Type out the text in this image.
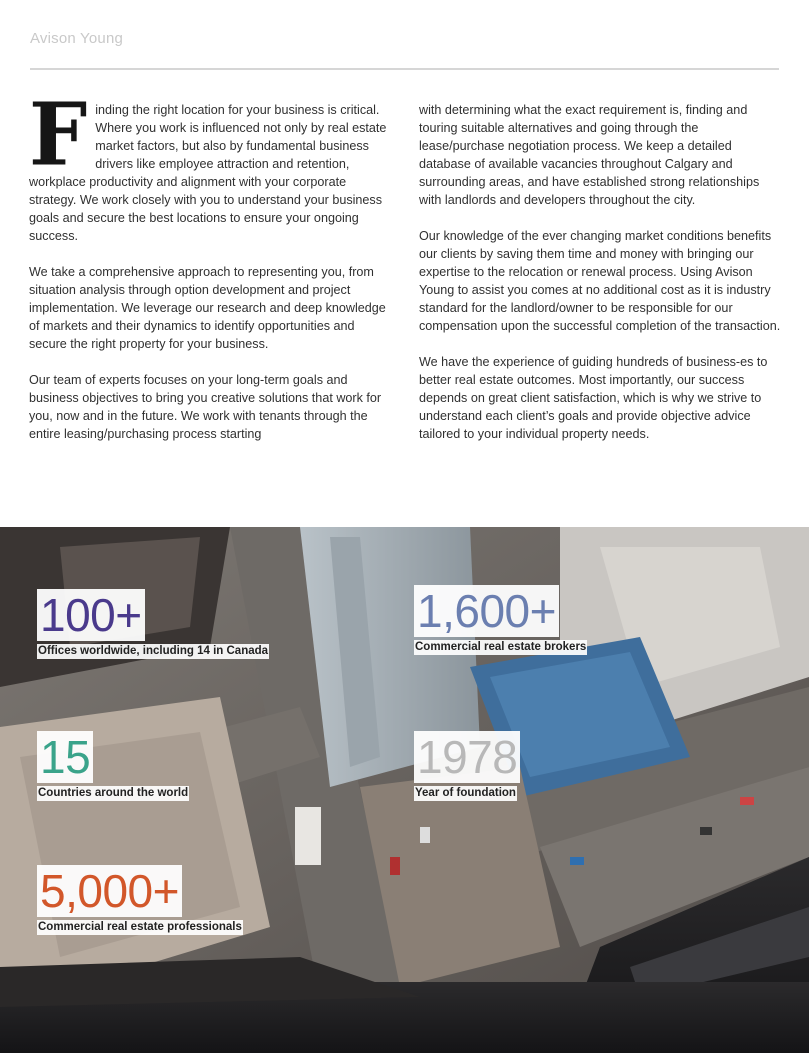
Avison Young

Finding the right location for your business is critical. Where you work is influenced not only by real estate market factors, but also by fundamental business drivers like employee attraction and retention, workplace productivity and alignment with your corporate strategy. We work closely with you to understand your business goals and secure the best locations to ensure your ongoing success.

We take a comprehensive approach to representing you, from situation analysis through option development and project implementation. We leverage our research and deep knowledge of markets and their dynamics to identify opportunities and secure the right property for your business.

Our team of experts focuses on your long-term goals and business objectives to bring you creative solutions that work for you, now and in the future. We work with tenants through the entire leasing/purchasing process starting

with determining what the exact requirement is, finding and touring suitable alternatives and going through the lease/purchase negotiation process. We keep a detailed database of available vacancies throughout Calgary and surrounding areas, and have established strong relationships with landlords and developers throughout the city.

Our knowledge of the ever changing market conditions benefits our clients by saving them time and money with bringing our expertise to the relocation or renewal process. Using Avison Young to assist you comes at no additional cost as it is industry standard for the landlord/owner to be responsible for our compensation upon the successful completion of the transaction.

We have the experience of guiding hundreds of business-es to better real estate outcomes. Most importantly, our success depends on great client satisfaction, which is why we strive to understand each client’s goals and provide objective advice tailored to your individual property needs.

100+
Offices worldwide, including 14 in Canada
1,600+
Commercial real estate brokers
15
Countries around the world
1978
Year of foundation
5,000+
Commercial real estate professionals
